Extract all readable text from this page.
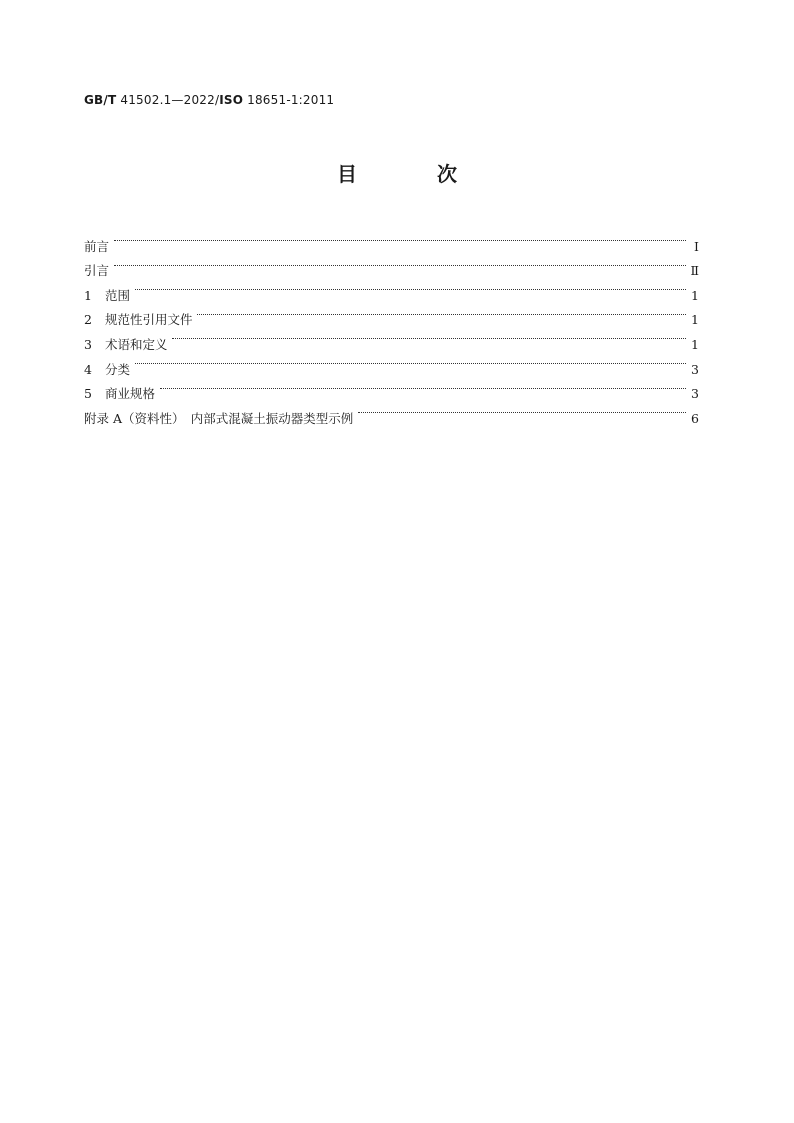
GB/T 41502.1—2022/ISO 18651-1:2011
目　次
前言	Ⅰ
引言	Ⅱ
1 范围	1
2 规范性引用文件	1
3 术语和定义	1
4 分类	3
5 商业规格	3
附录 A（资料性）　内部式混凝土振动器类型示例	6
